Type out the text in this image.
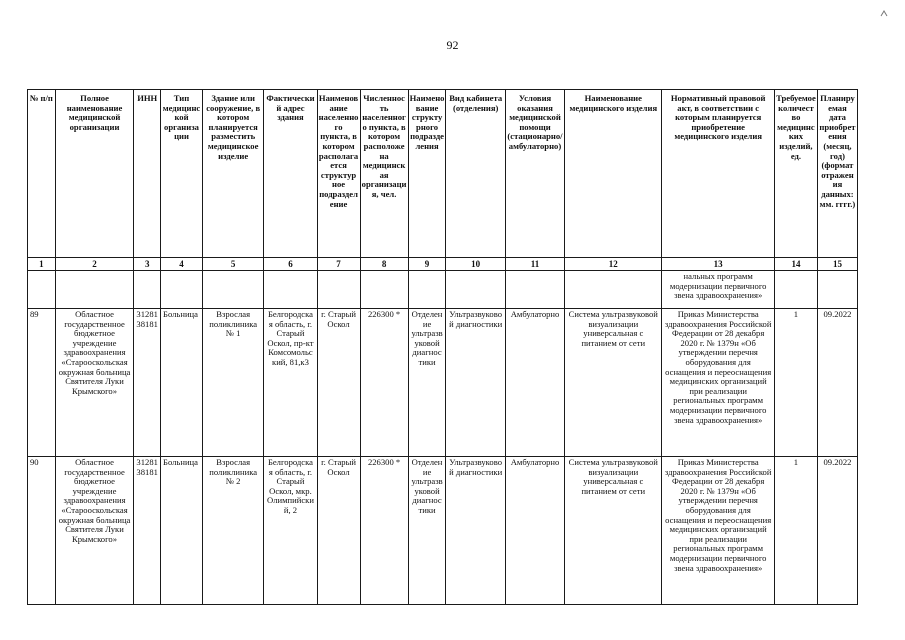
92
№ п/п	Полное наименование медицинской организации	ИНН	Тип медицинской организации	Здание или сооружение, в котором планируется разместить медицинское изделие	Фактический адрес здания	Наименование населенного пункта, в котором располагается структурное подразделение	Численность населенного пункта, в котором расположена медицинская организация, чел.	Наименование структурного подразделения	Вид кабинета (отделения)	Условия оказания медицинской помощи (стационарно/амбулаторно)	Наименование медицинского изделия	Нормативный правовой акт, в соответствии с которым планируется приобретение медицинского изделия	Требуемое количество медицинских изделий, ед.	Планируемая дата приобретения (месяц, год) (формат отражения данных: мм. гггг.)
1	2	3	4	5	6	7	8	9	10	11	12	13	14	15
												нальных программ модернизации первичного звена здравоохранения»		
89	Областное государственное бюджетное учреждение здравоохранения «Старооскольская окружная больница Святителя Луки Крымского»	3128138181	Больница	Взрослая поликлиника № 1	Белгородская область, г. Старый Оскол, пр-кт Комсомольский, 81,к3	г. Старый Оскол	226300 *	Отделение ультразвуковой диагностики	Ультразвуковой диагностики	Амбулаторно	Система ультразвуковой визуализации универсальная с питанием от сети	Приказ Министерства здравоохранения Российской Федерации от 28 декабря 2020 г. № 1379н «Об утверждении перечня оборудования для оснащения и переоснащения медицинских организаций при реализации региональных программ модернизации первичного звена здравоохранения»	1	09.2022
90	Областное государственное бюджетное учреждение здравоохранения «Старооскольская окружная больница Святителя Луки Крымского»	3128138181	Больница	Взрослая поликлиника № 2	Белгородская область, г. Старый Оскол, мкр. Олимпийский, 2	г. Старый Оскол	226300 *	Отделение ультразвуковой диагностики	Ультразвуковой диагностики	Амбулаторно	Система ультразвуковой визуализации универсальная с питанием от сети	Приказ Министерства здравоохранения Российской Федерации от 28 декабря 2020 г. № 1379н «Об утверждении перечня оборудования для оснащения и переоснащения медицинских организаций при реализации региональных программ модернизации первичного звена здравоохранения»	1	09.2022
